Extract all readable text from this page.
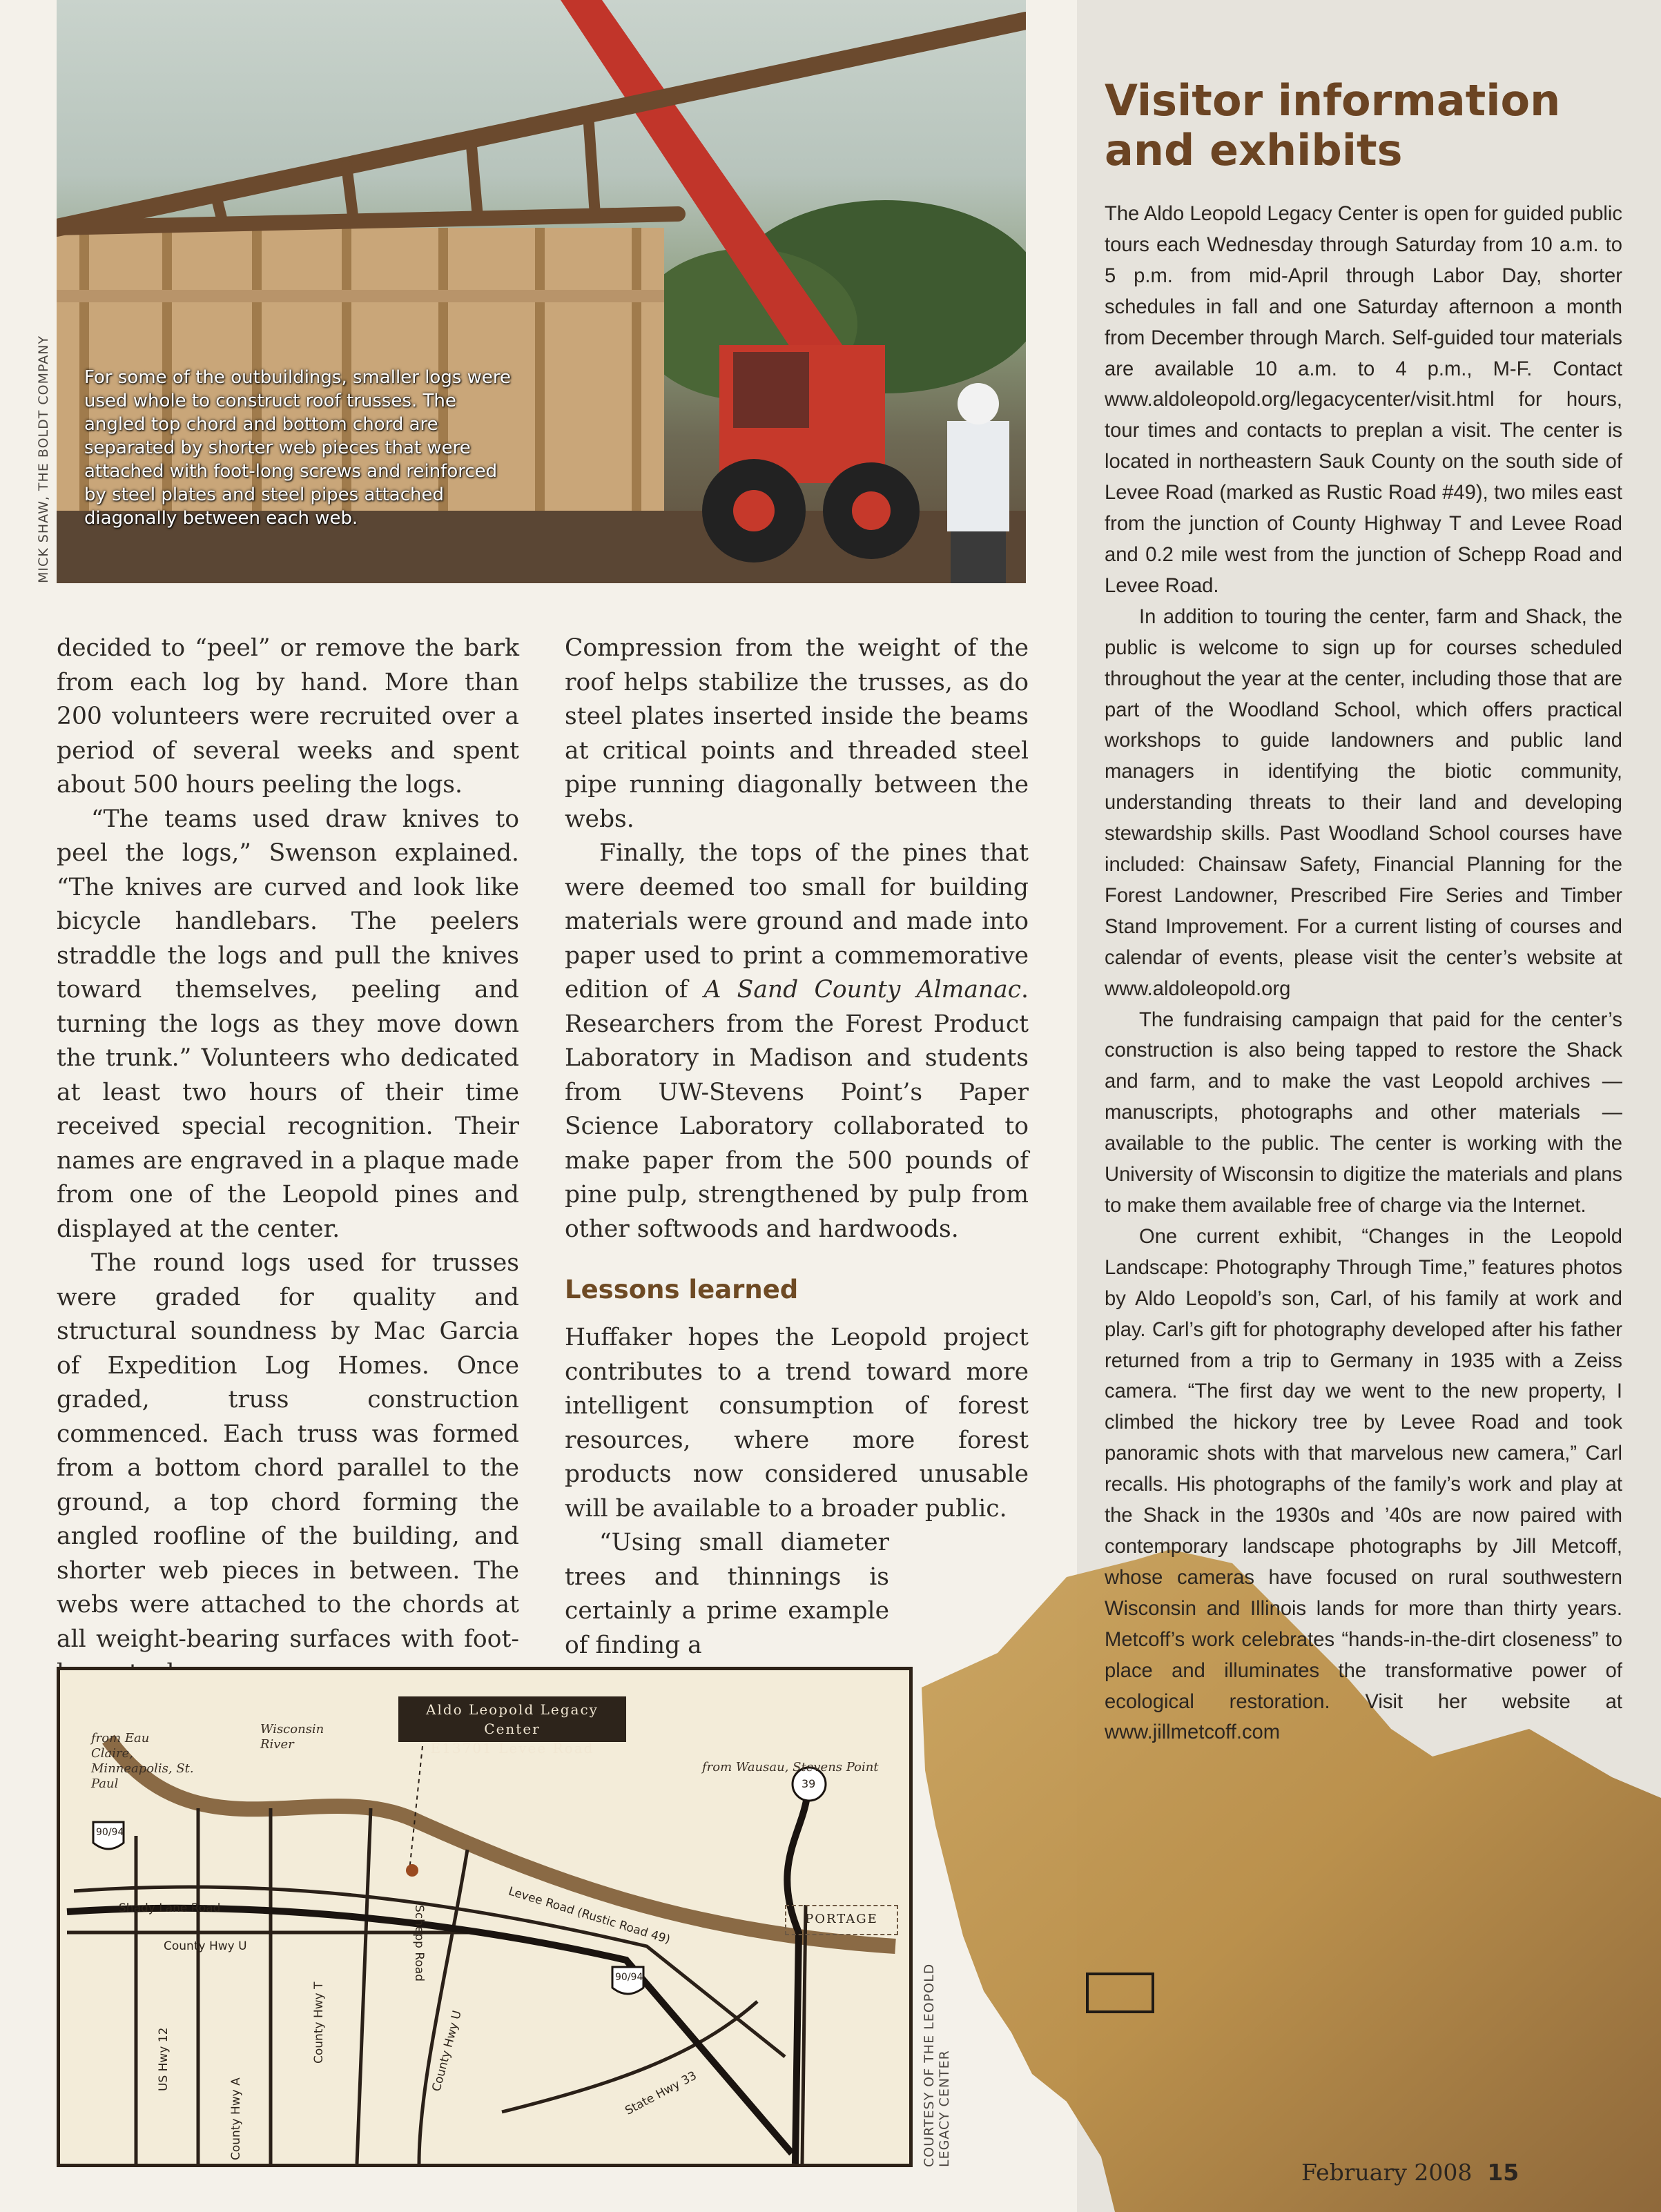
For some of the outbuildings, smaller logs were used whole to construct roof trusses. The angled top chord and bottom chord are separated by shorter web pieces that were attached with foot-long screws and reinforced by steel plates and steel pipes attached diagonally between each web.
MICK SHAW, THE BOLDT COMPANY

decided to “peel” or remove the bark from each log by hand. More than 200 volunteers were recruited over a period of several weeks and spent about 500 hours peeling the logs.

“The teams used draw knives to peel the logs,” Swenson explained. “The knives are curved and look like bicycle handlebars. The peelers straddle the logs and pull the knives toward themselves, peeling and turning the logs as they move down the trunk.” Volunteers who dedicated at least two hours of their time received special recognition. Their names are engraved in a plaque made from one of the Leopold pines and displayed at the center.

The round logs used for trusses were graded for quality and structural soundness by Mac Garcia of Expedition Log Homes. Once graded, truss construction commenced. Each truss was formed from a bottom chord parallel to the ground, a top chord forming the angled roofline of the building, and shorter web pieces in between. The webs were attached to the chords at all weight-bearing surfaces with foot-

Compression from the weight of the roof helps stabilize the trusses, as do steel plates inserted inside the beams at critical points and threaded steel pipe running diagonally between the webs.

Finally, the tops of the pines that were deemed too small for building materials were ground and made into paper used to print a commemorative edition of A Sand County Almanac. Researchers from the Forest Product Laboratory in Madison and students from UW-Stevens Point’s Paper Science Laboratory collaborated to make paper from the 500 pounds of pine pulp, strengthened by pulp from other softwoods and hardwoods.

Lessons learned

Huffaker hopes the Leopold project contributes to a trend toward more intelligent consumption of forest resources, where more forest products now considered unusable will be available to a broader public.

“Using small diameter trees and thinnings is certainly a prime example of finding a

Visitor information and exhibits

The Aldo Leopold Legacy Center is open for guided public tours each Wednesday through Saturday from 10 a.m. to 5 p.m. from mid-April through Labor Day, shorter schedules in fall and one Saturday afternoon a month from December through March. Self-guided tour materials are available 10 a.m. to 4 p.m., M-F. Contact www.aldoleopold.org/legacycenter/visit.html for hours, tour times and contacts to preplan a visit. The center is located in northeastern Sauk County on the south side of Levee Road (marked as Rustic Road #49), two miles east from the junction of County Highway T and Levee Road and 0.2 mile west from the junction of Schepp Road and Levee Road.

In addition to touring the center, farm and Shack, the public is welcome to sign up for courses scheduled throughout the year at the center, including those that are part of the Woodland School, which offers practical workshops to guide landowners and public land managers in identifying the biotic community, understanding threats to their land and developing stewardship skills. Past Woodland School courses have included: Chainsaw Safety, Financial Planning for the Forest Landowner, Prescribed Fire Series and Timber Stand Improvement. For a current listing of courses and calendar of events, please visit the center’s website at www.aldoleopold.org

The fundraising campaign that paid for the center’s construction is also being tapped to restore the Shack and farm, and to make the vast Leopold archives — manuscripts, photographs and other materials — available to the public. The center is working with the University of Wisconsin to digitize the materials and plans to make them available free of charge via the Internet.

One current exhibit, “Changes in the Leopold Landscape: Photography Through Time,” features photos by Aldo Leopold’s son, Carl, of his family at work and play. Carl’s gift for photography developed after his father returned from a trip to Germany in 1935 with a Zeiss camera. “The first day we went to the new property, I climbed the hickory tree by Levee Road and took panoramic shots with that marvelous new camera,” Carl recalls. His photographs of the family’s work and play at the Shack in the 1930s and ’40s are now paired with contemporary landscape photographs by Jill Metcoff, whose cameras have focused on rural southwestern Wisconsin and Illinois lands for more than thirty years. Metcoff’s work celebrates “hands-in-the-dirt closeness” to place and illuminates the transformative power of ecological restoration. Visit her website at www.jillmetcoff.com

Aldo Leopold Legacy Center
E13701 Levee Road
from Eau Claire, Minneapolis, St. Paul
Wisconsin River
from Wausau, Stevens Point
PORTAGE
Shady Lane Road
County Hwy U	Levee Road (Rustic Road 49)
Schepp Road
US Hwy 12
County Hwy A
County Hwy T	County Hwy U
State Hwy 33
90/94
39
90/94	COURTESY OF THE LEOPOLD LEGACY CENTER
February 2008 15
